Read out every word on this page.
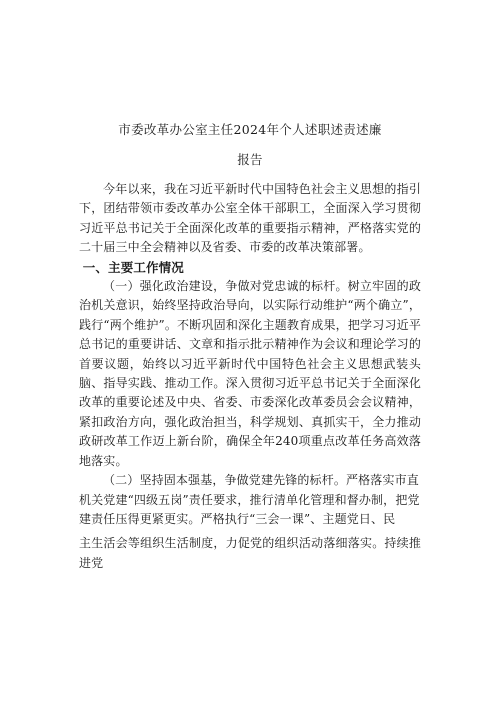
市委改革办公室主任2024年个人述职述责述廉
报告

今年以来，我在习近平新时代中国特色社会主义思想的指引下，团结带领市委改革办公室全体干部职工，全面深入学习贯彻习近平总书记关于全面深化改革的重要指示精神，严格落实党的二十届三中全会精神以及省委、市委的改革决策部署。

一、主要工作情况

（一）强化政治建设，争做对党忠诚的标杆。树立牢固的政治机关意识，始终坚持政治导向，以实际行动维护“两个确立”，践行“两个维护”。不断巩固和深化主题教育成果，把学习习近平总书记的重要讲话、文章和指示批示精神作为会议和理论学习的首要议题，始终以习近平新时代中国特色社会主义思想武装头脑、指导实践、推动工作。深入贯彻习近平总书记关于全面深化改革的重要论述及中央、省委、市委深化改革委员会会议精神，紧扣政治方向，强化政治担当，科学规划、真抓实干，全力推动政研改革工作迈上新台阶，确保全年240项重点改革任务高效落地落实。

（二）坚持固本强基，争做党建先锋的标杆。严格落实市直机关党建“四级五岗”责任要求，推行清单化管理和督办制，把党建责任压得更紧更实。严格执行“三会一课”、主题党日、民

主生活会等组织生活制度，力促党的组织活动落细落实。持续推进党
